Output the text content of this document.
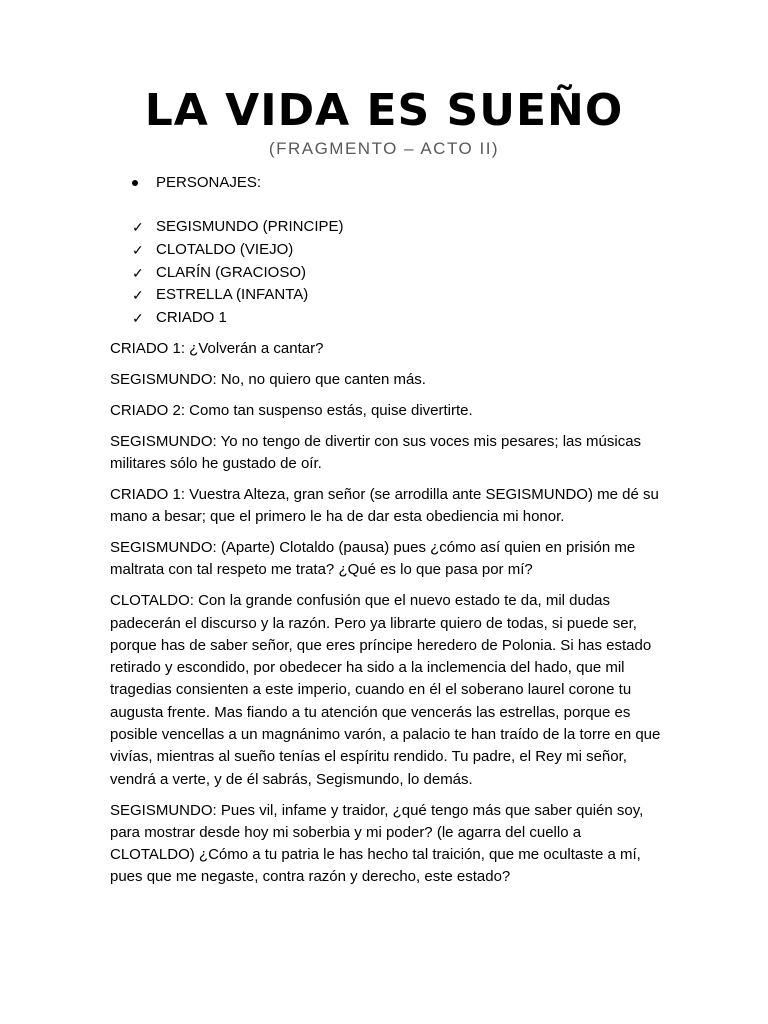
LA VIDA ES SUEÑO
(FRAGMENTO – ACTO II)
PERSONAJES:
✓ SEGISMUNDO (PRINCIPE)
✓ CLOTALDO (VIEJO)
✓ CLARÍN (GRACIOSO)
✓ ESTRELLA (INFANTA)
✓ CRIADO 1

CRIADO 1: ¿Volverán a cantar?

SEGISMUNDO: No, no quiero que canten más.

CRIADO 2: Como tan suspenso estás, quise divertirte.

SEGISMUNDO: Yo no tengo de divertir con sus voces mis pesares; las músicas militares sólo he gustado de oír.

CRIADO 1: Vuestra Alteza, gran señor (se arrodilla ante SEGISMUNDO) me dé su mano a besar; que el primero le ha de dar esta obediencia mi honor.

SEGISMUNDO: (Aparte) Clotaldo (pausa) pues ¿cómo así quien en prisión me maltrata con tal respeto me trata? ¿Qué es lo que pasa por mí?

CLOTALDO: Con la grande confusión que el nuevo estado te da, mil dudas padecerán el discurso y la razón. Pero ya librarte quiero de todas, si puede ser, porque has de saber señor, que eres príncipe heredero de Polonia. Si has estado retirado y escondido, por obedecer ha sido a la inclemencia del hado, que mil tragedias consienten a este imperio, cuando en él el soberano laurel corone tu augusta frente. Mas fiando a tu atención que vencerás las estrellas, porque es posible vencellas a un magnánimo varón, a palacio te han traído de la torre en que vivías, mientras al sueño tenías el espíritu rendido. Tu padre, el Rey mi señor, vendrá a verte, y de él sabrás, Segismundo, lo demás.

SEGISMUNDO: Pues vil, infame y traidor, ¿qué tengo más que saber quién soy, para mostrar desde hoy mi soberbia y mi poder? (le agarra del cuello a CLOTALDO) ¿Cómo a tu patria le has hecho tal traición, que me ocultaste a mí, pues que me negaste, contra razón y derecho, este estado?
